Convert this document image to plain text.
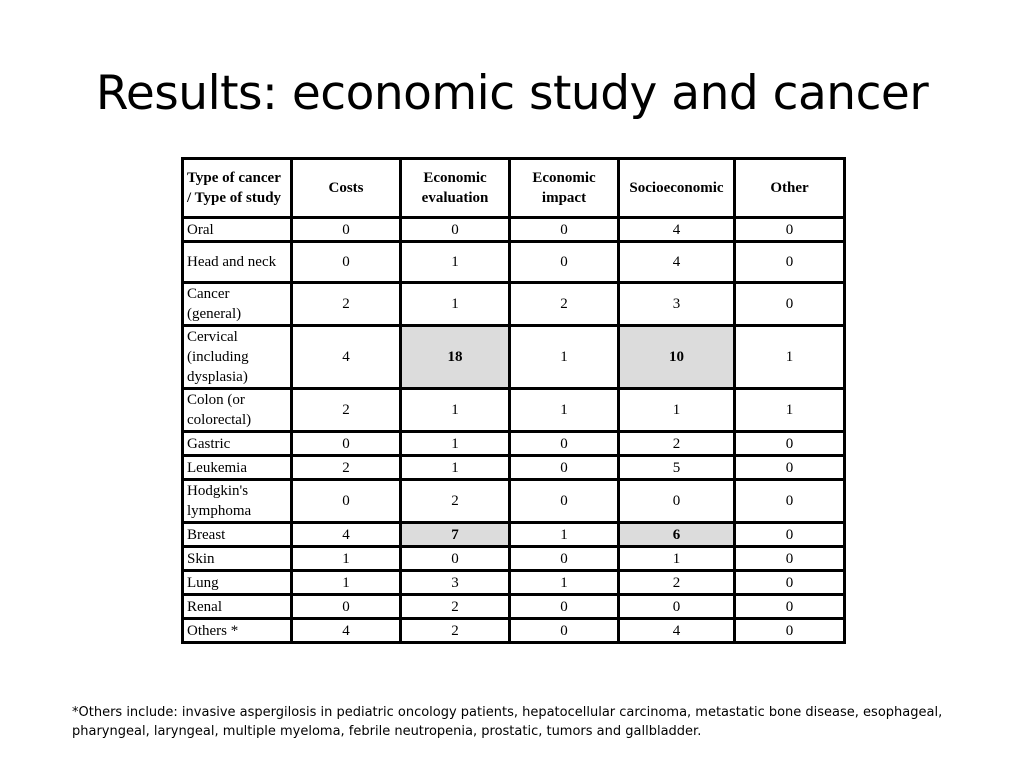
Results: economic study and cancer
Type of cancer / Type of study	Costs	Economic evaluation	Economic impact	Socioeconomic	Other
Oral	0	0	0	4	0
Head and neck	0	1	0	4	0
Cancer (general)	2	1	2	3	0
Cervical (including dysplasia)	4	18	1	10	1
Colon (or colorectal)	2	1	1	1	1
Gastric	0	1	0	2	0
Leukemia	2	1	0	5	0
Hodgkin's lymphoma	0	2	0	0	0
Breast	4	7	1	6	0
Skin	1	0	0	1	0
Lung	1	3	1	2	0
Renal	0	2	0	0	0
Others *	4	2	0	4	0

*Others include: invasive aspergilosis in pediatric oncology patients, hepatocellular carcinoma, metastatic bone disease, esophageal, pharyngeal, laryngeal, multiple myeloma, febrile neutropenia, prostatic, tumors and gallbladder.
